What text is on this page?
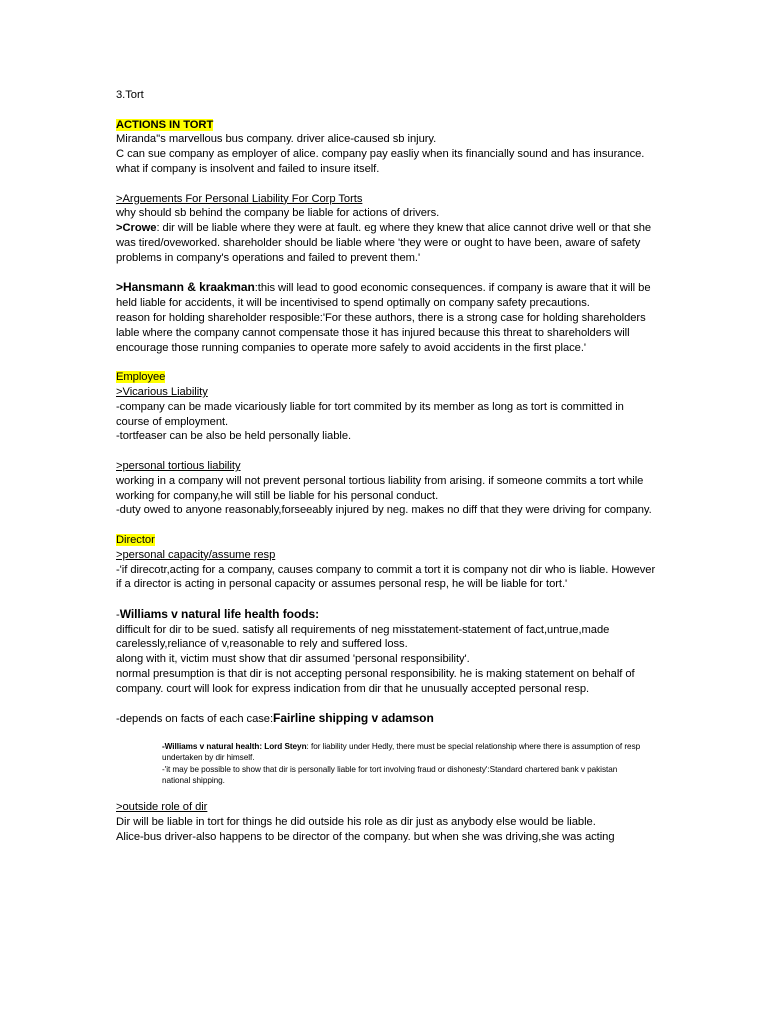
3.Tort

ACTIONS IN TORT

Miranda''s marvellous bus company. driver alice-caused sb injury.

C can sue company as employer of alice. company pay easliy when its financially sound and has insurance. what if company is insolvent and failed to insure itself.

>Arguements For Personal Liability For Corp Torts

why should sb behind the company be liable for actions of drivers.

>Crowe: dir will be liable where they were at fault. eg where they knew that alice cannot drive well or that she was tired/oveworked. shareholder should be liable where 'they were or ought to have been, aware of safety problems in company's operations and failed to prevent them.'

>Hansmann & kraakman:this will lead to good economic consequences. if company is aware that it will be held liable for accidents, it will be incentivised to spend optimally on company safety precautions.

reason for holding shareholder resposible:'For these authors, there is a strong case for holding shareholders lable where the company cannot compensate those it has injured because this threat to shareholders will encourage those running companies to operate more safely to avoid accidents in the first place.'

Employee

>Vicarious Liability

-company can be made vicariously liable for tort commited by its member as long as tort is committed in course of employment.

-tortfeaser can be also be held personally liable.

>personal tortious liability

working in a company will not prevent personal tortious liability from arising. if someone commits a tort while working for company,he will still be liable for his personal conduct.

-duty owed to anyone reasonably,forseeably injured by neg. makes no diff that they were driving for company.

Director

>personal capacity/assume resp

-'if direcotr,acting for a company, causes company to commit a tort it is company not dir who is liable. However if a director is acting in personal capacity or assumes personal resp, he will be liable for tort.'

-Williams v natural life health foods:

difficult for dir to be sued. satisfy all requirements of neg misstatement-statement of fact,untrue,made carelessly,reliance of v,reasonable to rely and suffered loss.

along with it, victim must show that dir assumed 'personal responsibility'.

normal presumption is that dir is not accepting personal responsibility. he is making statement on behalf of company. court will look for express indication from dir that he unusually accepted personal resp.

-depends on facts of each case:Fairline shipping v adamson

-Williams v natural health: Lord Steyn: for liability under Hedly, there must be special relationship where there is assumption of resp undertaken by dir himself.

-'it may be possible to show that dir is personally liable for tort involving fraud or dishonesty':Standard chartered bank v pakistan national shipping.

>outside role of dir

Dir will be liable in tort for things he did outside his role as dir just as anybody else would be liable.

Alice-bus driver-also happens to be director of the company. but when she was driving,she was acting
